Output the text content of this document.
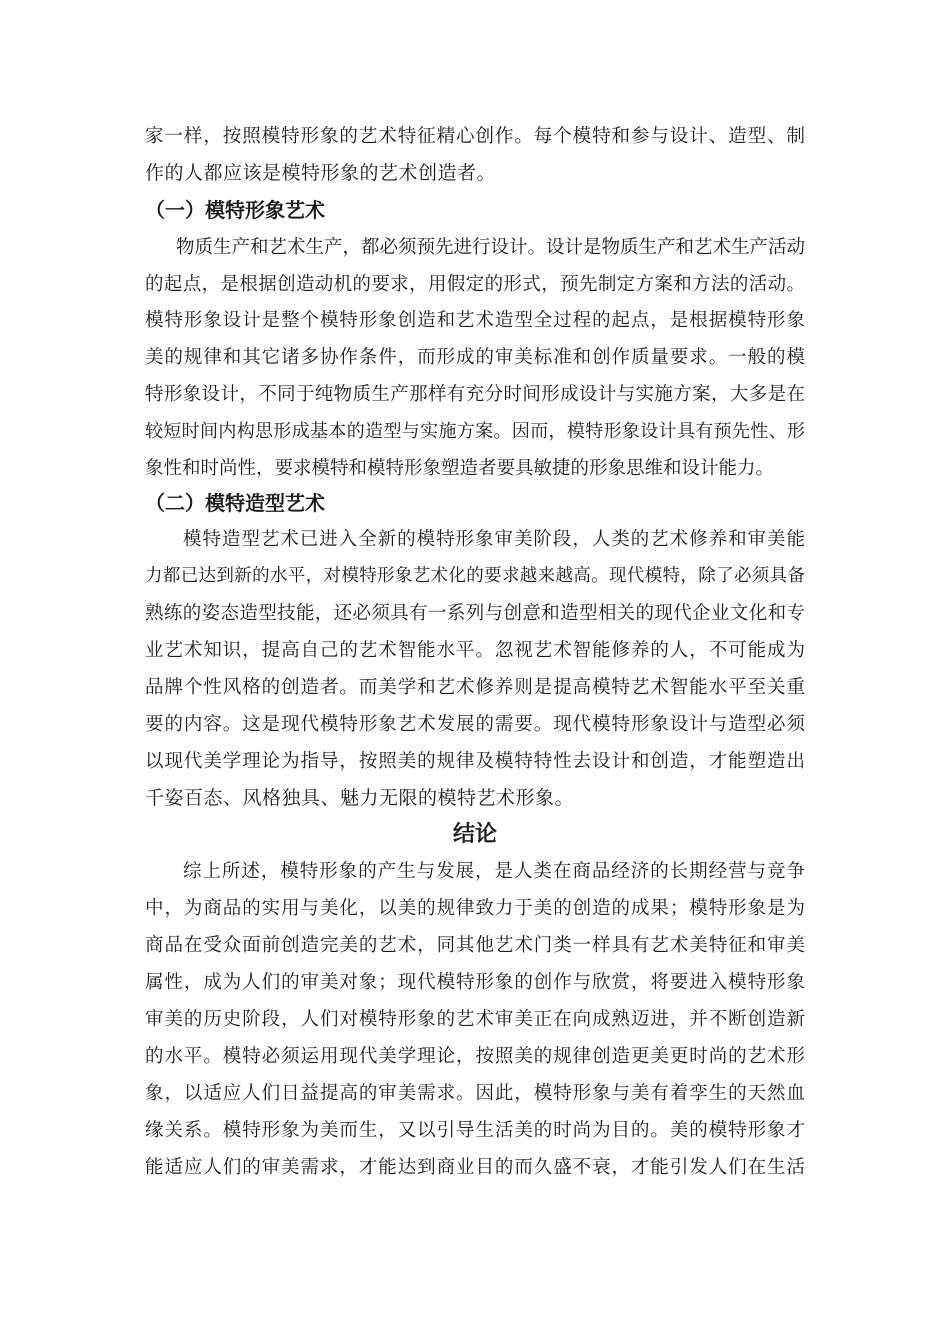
家一样，按照模特形象的艺术特征精心创作。每个模特和参与设计、造型、制
作的人都应该是模特形象的艺术创造者。
（一）模特形象艺术
物质生产和艺术生产，都必须预先进行设计。设计是物质生产和艺术生产活动
的起点，是根据创造动机的要求，用假定的形式，预先制定方案和方法的活动。
模特形象设计是整个模特形象创造和艺术造型全过程的起点，是根据模特形象
美的规律和其它诸多协作条件，而形成的审美标准和创作质量要求。一般的模
特形象设计，不同于纯物质生产那样有充分时间形成设计与实施方案，大多是在
较短时间内构思形成基本的造型与实施方案。因而，模特形象设计具有预先性、形
象性和时尚性，要求模特和模特形象塑造者要具敏捷的形象思维和设计能力。
（二）模特造型艺术
模特造型艺术已进入全新的模特形象审美阶段，人类的艺术修养和审美能
力都已达到新的水平，对模特形象艺术化的要求越来越高。现代模特，除了必须具备
熟练的姿态造型技能，还必须具有一系列与创意和造型相关的现代企业文化和专
业艺术知识，提高自己的艺术智能水平。忽视艺术智能修养的人，不可能成为
品牌个性风格的创造者。而美学和艺术修养则是提高模特艺术智能水平至关重
要的内容。这是现代模特形象艺术发展的需要。现代模特形象设计与造型必须
以现代美学理论为指导，按照美的规律及模特特性去设计和创造，才能塑造出
千姿百态、风格独具、魅力无限的模特艺术形象。
结论
综上所述，模特形象的产生与发展，是人类在商品经济的长期经营与竞争
中，为商品的实用与美化，以美的规律致力于美的创造的成果；模特形象是为
商品在受众面前创造完美的艺术，同其他艺术门类一样具有艺术美特征和审美
属性，成为人们的审美对象；现代模特形象的创作与欣赏，将要进入模特形象
审美的历史阶段，人们对模特形象的艺术审美正在向成熟迈进，并不断创造新
的水平。模特必须运用现代美学理论，按照美的规律创造更美更时尚的艺术形
象，以适应人们日益提高的审美需求。因此，模特形象与美有着孪生的天然血
缘关系。模特形象为美而生，又以引导生活美的时尚为目的。美的模特形象才
能适应人们的审美需求，才能达到商业目的而久盛不衰，才能引发人们在生活
